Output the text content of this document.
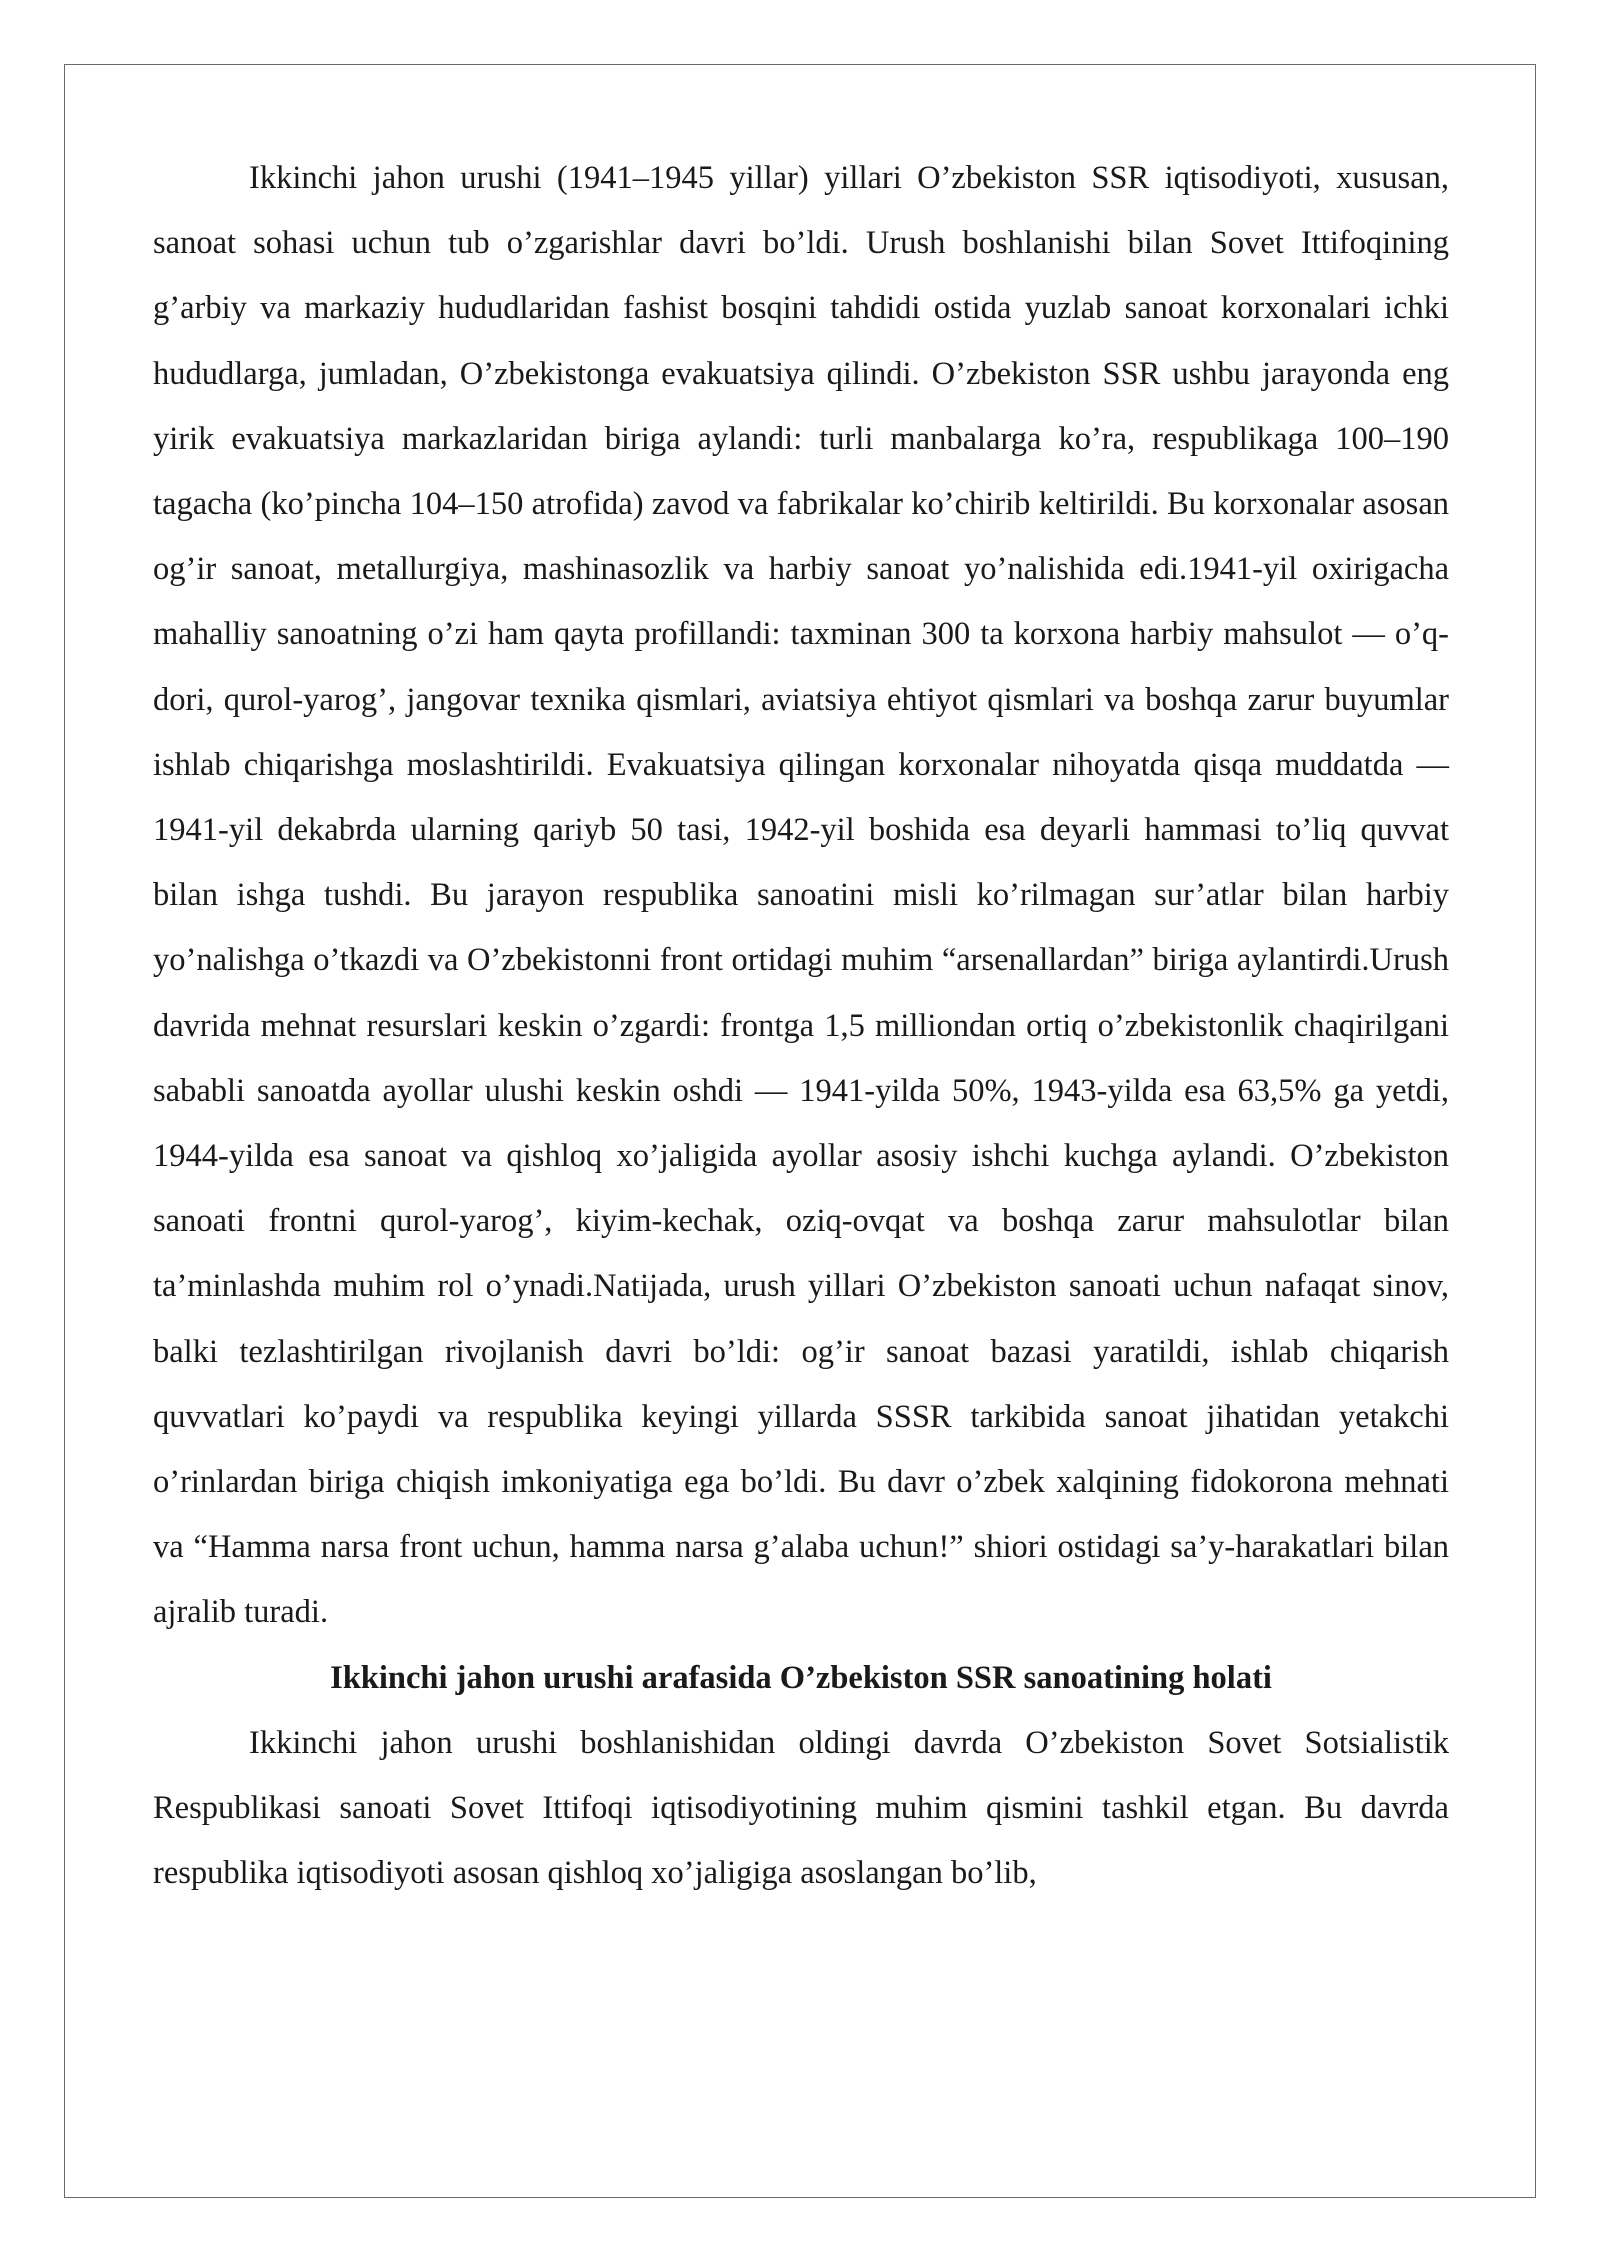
Ikkinchi jahon urushi (1941–1945 yillar) yillari O’zbekiston SSR iqtisodiyoti, xususan, sanoat sohasi uchun tub o’zgarishlar davri bo’ldi. Urush boshlanishi bilan Sovet Ittifoqining g’arbiy va markaziy hududlaridan fashist bosqini tahdidi ostida yuzlab sanoat korxonalari ichki hududlarga, jumladan, O’zbekistonga evakuatsiya qilindi. O’zbekiston SSR ushbu jarayonda eng yirik evakuatsiya markazlaridan biriga aylandi: turli manbalarga ko’ra, respublikaga 100–190 tagacha (ko’pincha 104–150 atrofida) zavod va fabrikalar ko’chirib keltirildi. Bu korxonalar asosan og’ir sanoat, metallurgiya, mashinasozlik va harbiy sanoat yo’nalishida edi.1941-yil oxirigacha mahalliy sanoatning o’zi ham qayta profillandi: taxminan 300 ta korxona harbiy mahsulot — o’q-dori, qurol-yarog’, jangovar texnika qismlari, aviatsiya ehtiyot qismlari va boshqa zarur buyumlar ishlab chiqarishga moslashtirildi. Evakuatsiya qilingan korxonalar nihoyatda qisqa muddatda — 1941-yil dekabrda ularning qariyb 50 tasi, 1942-yil boshida esa deyarli hammasi to’liq quvvat bilan ishga tushdi. Bu jarayon respublika sanoatini misli ko’rilmagan sur’atlar bilan harbiy yo’nalishga o’tkazdi va O’zbekistonni front ortidagi muhim “arsenallardan” biriga aylantirdi.Urush davrida mehnat resurslari keskin o’zgardi: frontga 1,5 milliondan ortiq o’zbekistonlik chaqirilgani sababli sanoatda ayollar ulushi keskin oshdi — 1941-yilda 50%, 1943-yilda esa 63,5% ga yetdi, 1944-yilda esa sanoat va qishloq xo’jaligida ayollar asosiy ishchi kuchga aylandi. O’zbekiston sanoati frontni qurol-yarog’, kiyim-kechak, oziq-ovqat va boshqa zarur mahsulotlar bilan ta’minlashda muhim rol o’ynadi.Natijada, urush yillari O’zbekiston sanoati uchun nafaqat sinov, balki tezlashtirilgan rivojlanish davri bo’ldi: og’ir sanoat bazasi yaratildi, ishlab chiqarish quvvatlari ko’paydi va respublika keyingi yillarda SSSR tarkibida sanoat jihatidan yetakchi o’rinlardan biriga chiqish imkoniyatiga ega bo’ldi. Bu davr o’zbek xalqining fidokorona mehnati va “Hamma narsa front uchun, hamma narsa g’alaba uchun!” shiori ostidagi sa’y-harakatlari bilan ajralib turadi.

Ikkinchi jahon urushi arafasida O’zbekiston SSR sanoatining holati

Ikkinchi jahon urushi boshlanishidan oldingi davrda O’zbekiston Sovet Sotsialistik Respublikasi sanoati Sovet Ittifoqi iqtisodiyotining muhim qismini tashkil etgan. Bu davrda respublika iqtisodiyoti asosan qishloq xo’jaligiga asoslangan bo’lib,
